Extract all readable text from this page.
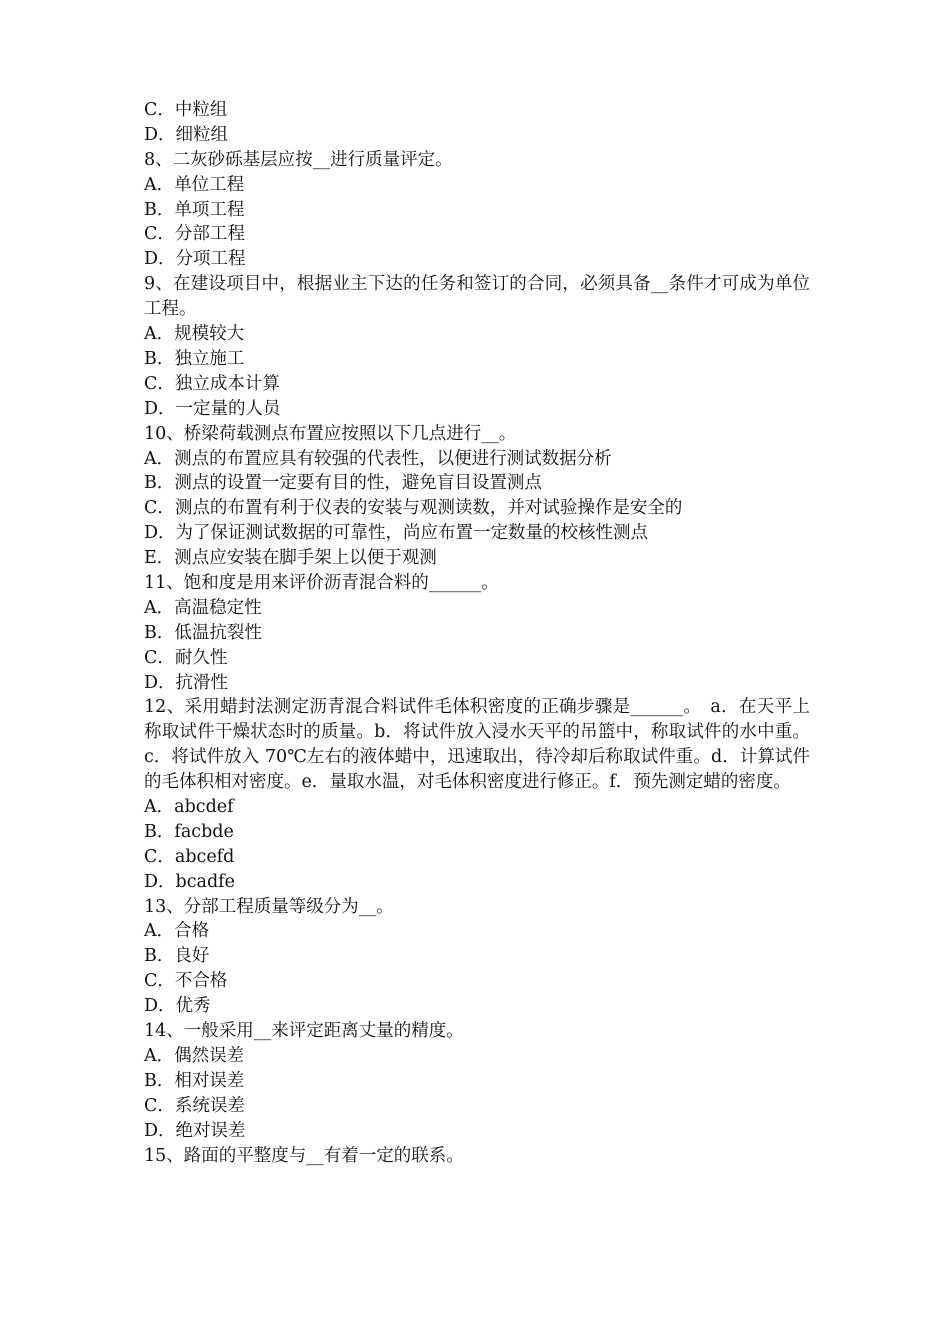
C．中粒组
D．细粒组
8、二灰砂砾基层应按__进行质量评定。
A．单位工程
B．单项工程
C．分部工程
D．分项工程
9、在建设项目中，根据业主下达的任务和签订的合同，必须具备__条件才可成为单位工程。
A．规模较大
B．独立施工
C．独立成本计算
D．一定量的人员
10、桥梁荷载测点布置应按照以下几点进行__。
A．测点的布置应具有较强的代表性，以便进行测试数据分析
B．测点的设置一定要有目的性，避免盲目设置测点
C．测点的布置有利于仪表的安装与观测读数，并对试验操作是安全的
D．为了保证测试数据的可靠性，尚应布置一定数量的校核性测点
E．测点应安装在脚手架上以便于观测
11、饱和度是用来评价沥青混合料的______。
A．高温稳定性
B．低温抗裂性
C．耐久性
D．抗滑性
12、采用蜡封法测定沥青混合料试件毛体积密度的正确步骤是______。　a．在天平上称取试件干燥状态时的质量。b．将试件放入浸水天平的吊篮中，称取试件的水中重。c．将试件放入 70℃左右的液体蜡中，迅速取出，待冷却后称取试件重。d．计算试件的毛体积相对密度。e．量取水温，对毛体积密度进行修正。f．预先测定蜡的密度。
A．abcdef
B．facbde
C．abcefd
D．bcadfe
13、分部工程质量等级分为__。
A．合格
B．良好
C．不合格
D．优秀
14、一般采用__来评定距离丈量的精度。
A．偶然误差
B．相对误差
C．系统误差
D．绝对误差
15、路面的平整度与__有着一定的联系。
